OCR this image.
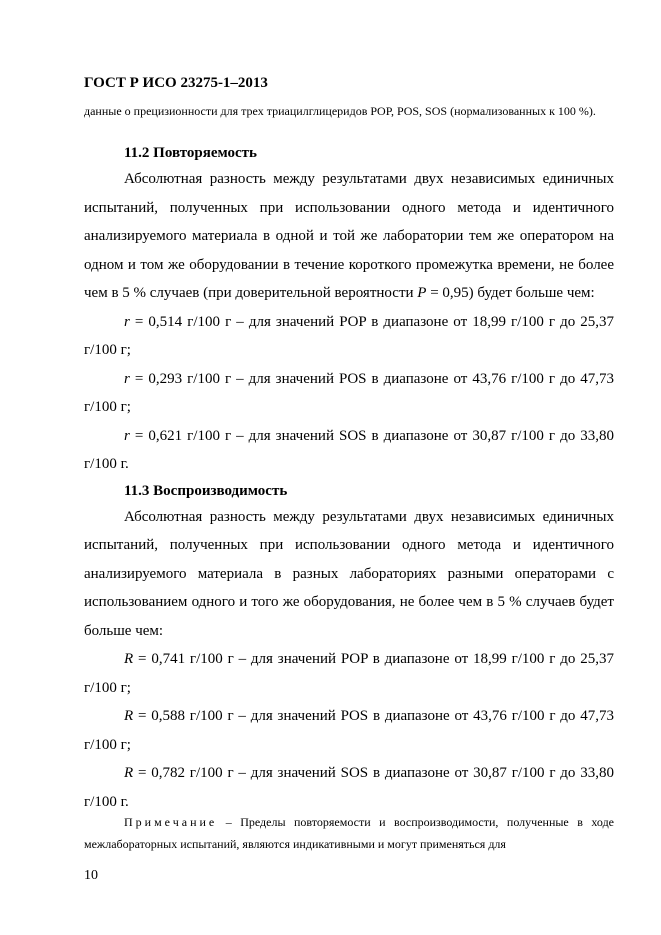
ГОСТ Р ИСО 23275-1–2013
данные о прецизионности для трех триацилглицеридов POP, POS, SOS (нормализованных к 100 %).
11.2 Повторяемость

Абсолютная разность между результатами двух независимых единичных испытаний, полученных при использовании одного метода и идентичного анализируемого материала в одной и той же лаборатории тем же оператором на одном и том же оборудовании в течение короткого промежутка времени, не более чем в 5 % случаев (при доверительной вероятности P = 0,95) будет больше чем:

r = 0,514 г/100 г – для значений POP в диапазоне от 18,99 г/100 г до 25,37 г/100 г;

r = 0,293 г/100 г – для значений POS в диапазоне от 43,76 г/100 г до 47,73 г/100 г;

r = 0,621 г/100 г – для значений SOS в диапазоне от 30,87 г/100 г до 33,80 г/100 г.

11.3 Воспроизводимость

Абсолютная разность между результатами двух независимых единичных испытаний, полученных при использовании одного метода и идентичного анализируемого материала в разных лабораториях разными операторами с использованием одного и того же оборудования, не более чем в 5 % случаев будет больше чем:

R = 0,741 г/100 г – для значений POP в диапазоне от 18,99 г/100 г до 25,37 г/100 г;

R = 0,588 г/100 г – для значений POS в диапазоне от 43,76 г/100 г до 47,73 г/100 г;

R = 0,782 г/100 г – для значений SOS в диапазоне от 30,87 г/100 г до 33,80 г/100 г.

Примечание – Пределы повторяемости и воспроизводимости, полученные в ходе межлабораторных испытаний, являются индикативными и могут применяться для
10
